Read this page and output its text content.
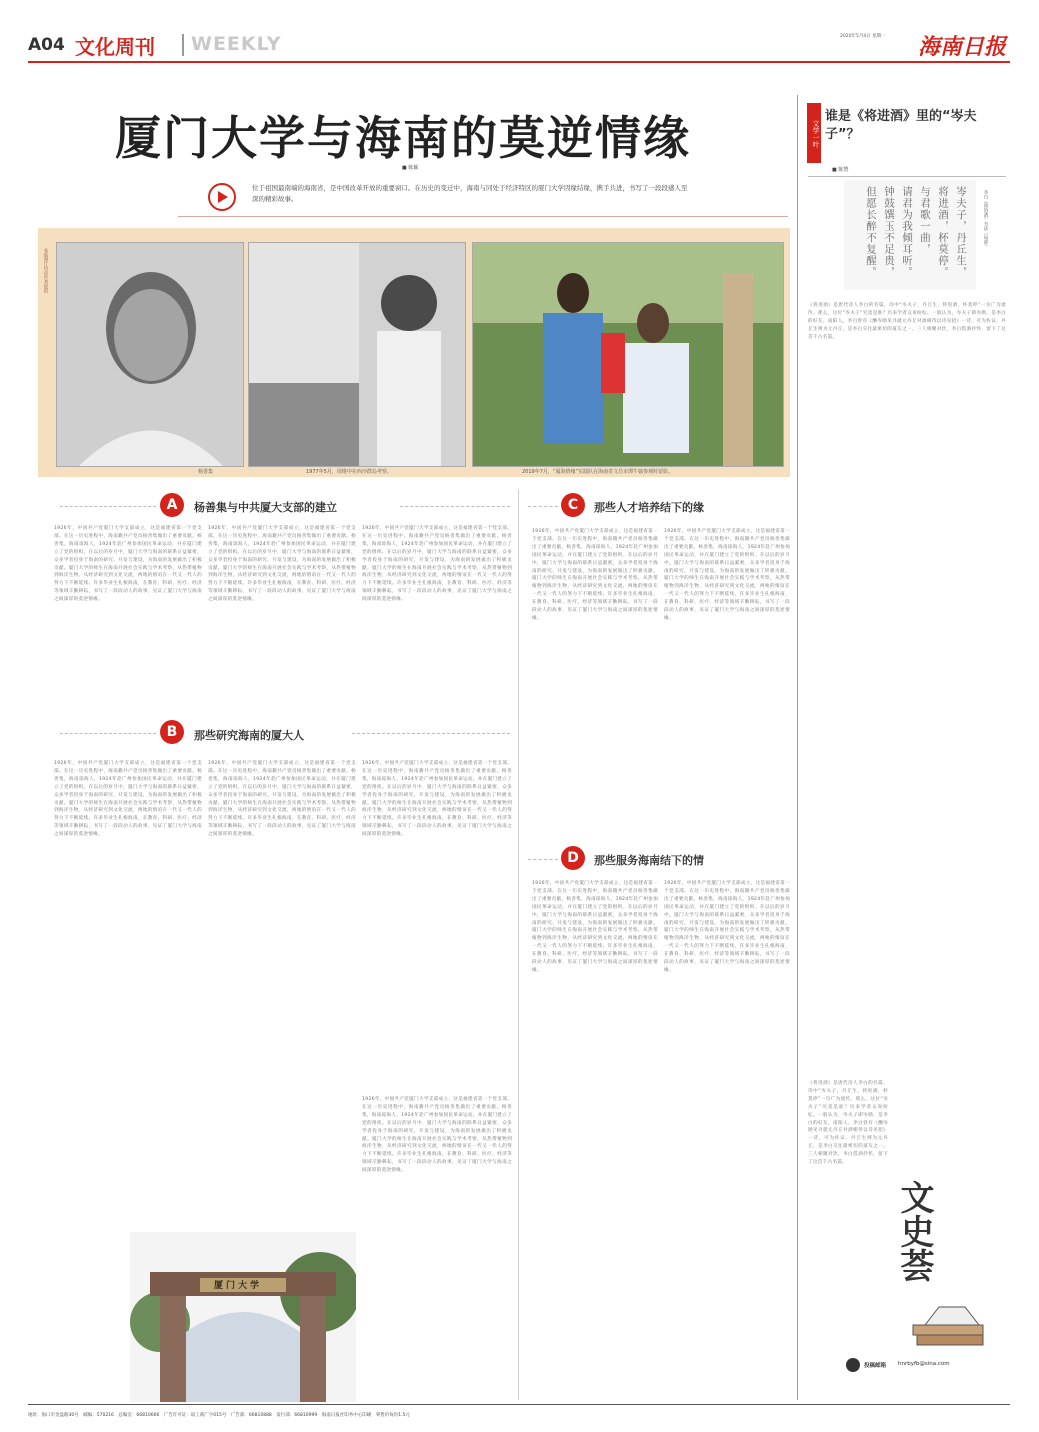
A04 文化周刊 WEEKLY	2020年5月4日 星期一 海南日报
厦门大学与海南的莫逆情缘
■ 陈颖
位于祖国最南端的海南省，是中国改革开放的重要窗口。在历史的变迁中，海南与同处于经济特区的厦门大学因缘结缘，携手共进，书写了一段段感人至深的精彩故事。
本版图片均由作者提供
杨善集	1977年5月，周维中在西沙群岛考察。	2019年7月，“厦海情缘”实践队在海南省文昌市潭牛镇参观时留影。
A	杨善集与中共厦大支部的建立
B	那些研究海南的厦大人
C	那些人才培养结下的缘
D	那些服务海南结下的情
1926年，中国共产党厦门大学支部成立，这是福建省第一个党支部。在这一历史进程中，海南籍共产党员杨善集做出了重要贡献。杨善集，海南琼海人，1924年赴广州参加国民革命运动，并在厦门建立了党的组织。在以后的岁月中，厦门大学与海南的联系日益紧密，众多学者投身于海南的研究、开发与建设，为海南的发展做出了积极贡献。厦门大学的师生在海南开展社会实践与学术考察，从热带植物到海洋生物，从经济研究到文化交流，两地的情谊在一代又一代人的努力下不断延续。许多毕业生扎根海南，在教育、科研、医疗、经济等领域辛勤耕耘，书写了一段段动人的故事，见证了厦门大学与海南之间深厚的莫逆情缘。
1926年，中国共产党厦门大学支部成立，这是福建省第一个党支部。在这一历史进程中，海南籍共产党员杨善集做出了重要贡献。杨善集，海南琼海人，1924年赴广州参加国民革命运动，并在厦门建立了党的组织。在以后的岁月中，厦门大学与海南的联系日益紧密，众多学者投身于海南的研究、开发与建设，为海南的发展做出了积极贡献。厦门大学的师生在海南开展社会实践与学术考察，从热带植物到海洋生物，从经济研究到文化交流，两地的情谊在一代又一代人的努力下不断延续。许多毕业生扎根海南，在教育、科研、医疗、经济等领域辛勤耕耘，书写了一段段动人的故事，见证了厦门大学与海南之间深厚的莫逆情缘。
1926年，中国共产党厦门大学支部成立，这是福建省第一个党支部。在这一历史进程中，海南籍共产党员杨善集做出了重要贡献。杨善集，海南琼海人，1924年赴广州参加国民革命运动，并在厦门建立了党的组织。在以后的岁月中，厦门大学与海南的联系日益紧密，众多学者投身于海南的研究、开发与建设，为海南的发展做出了积极贡献。厦门大学的师生在海南开展社会实践与学术考察，从热带植物到海洋生物，从经济研究到文化交流，两地的情谊在一代又一代人的努力下不断延续。许多毕业生扎根海南，在教育、科研、医疗、经济等领域辛勤耕耘，书写了一段段动人的故事，见证了厦门大学与海南之间深厚的莫逆情缘。
1926年，中国共产党厦门大学支部成立，这是福建省第一个党支部。在这一历史进程中，海南籍共产党员杨善集做出了重要贡献。杨善集，海南琼海人，1924年赴广州参加国民革命运动，并在厦门建立了党的组织。在以后的岁月中，厦门大学与海南的联系日益紧密，众多学者投身于海南的研究、开发与建设，为海南的发展做出了积极贡献。厦门大学的师生在海南开展社会实践与学术考察，从热带植物到海洋生物，从经济研究到文化交流，两地的情谊在一代又一代人的努力下不断延续。许多毕业生扎根海南，在教育、科研、医疗、经济等领域辛勤耕耘，书写了一段段动人的故事，见证了厦门大学与海南之间深厚的莫逆情缘。
1926年，中国共产党厦门大学支部成立，这是福建省第一个党支部。在这一历史进程中，海南籍共产党员杨善集做出了重要贡献。杨善集，海南琼海人，1924年赴广州参加国民革命运动，并在厦门建立了党的组织。在以后的岁月中，厦门大学与海南的联系日益紧密，众多学者投身于海南的研究、开发与建设，为海南的发展做出了积极贡献。厦门大学的师生在海南开展社会实践与学术考察，从热带植物到海洋生物，从经济研究到文化交流，两地的情谊在一代又一代人的努力下不断延续。许多毕业生扎根海南，在教育、科研、医疗、经济等领域辛勤耕耘，书写了一段段动人的故事，见证了厦门大学与海南之间深厚的莫逆情缘。
1926年，中国共产党厦门大学支部成立，这是福建省第一个党支部。在这一历史进程中，海南籍共产党员杨善集做出了重要贡献。杨善集，海南琼海人，1924年赴广州参加国民革命运动，并在厦门建立了党的组织。在以后的岁月中，厦门大学与海南的联系日益紧密，众多学者投身于海南的研究、开发与建设，为海南的发展做出了积极贡献。厦门大学的师生在海南开展社会实践与学术考察，从热带植物到海洋生物，从经济研究到文化交流，两地的情谊在一代又一代人的努力下不断延续。许多毕业生扎根海南，在教育、科研、医疗、经济等领域辛勤耕耘，书写了一段段动人的故事，见证了厦门大学与海南之间深厚的莫逆情缘。
1926年，中国共产党厦门大学支部成立，这是福建省第一个党支部。在这一历史进程中，海南籍共产党员杨善集做出了重要贡献。杨善集，海南琼海人，1924年赴广州参加国民革命运动，并在厦门建立了党的组织。在以后的岁月中，厦门大学与海南的联系日益紧密，众多学者投身于海南的研究、开发与建设，为海南的发展做出了积极贡献。厦门大学的师生在海南开展社会实践与学术考察，从热带植物到海洋生物，从经济研究到文化交流，两地的情谊在一代又一代人的努力下不断延续。许多毕业生扎根海南，在教育、科研、医疗、经济等领域辛勤耕耘，书写了一段段动人的故事，见证了厦门大学与海南之间深厚的莫逆情缘。
厦门大学
1926年，中国共产党厦门大学支部成立，这是福建省第一个党支部。在这一历史进程中，海南籍共产党员杨善集做出了重要贡献。杨善集，海南琼海人，1924年赴广州参加国民革命运动，并在厦门建立了党的组织。在以后的岁月中，厦门大学与海南的联系日益紧密，众多学者投身于海南的研究、开发与建设，为海南的发展做出了积极贡献。厦门大学的师生在海南开展社会实践与学术考察，从热带植物到海洋生物，从经济研究到文化交流，两地的情谊在一代又一代人的努力下不断延续。许多毕业生扎根海南，在教育、科研、医疗、经济等领域辛勤耕耘，书写了一段段动人的故事，见证了厦门大学与海南之间深厚的莫逆情缘。
1926年，中国共产党厦门大学支部成立，这是福建省第一个党支部。在这一历史进程中，海南籍共产党员杨善集做出了重要贡献。杨善集，海南琼海人，1924年赴广州参加国民革命运动，并在厦门建立了党的组织。在以后的岁月中，厦门大学与海南的联系日益紧密，众多学者投身于海南的研究、开发与建设，为海南的发展做出了积极贡献。厦门大学的师生在海南开展社会实践与学术考察，从热带植物到海洋生物，从经济研究到文化交流，两地的情谊在一代又一代人的努力下不断延续。许多毕业生扎根海南，在教育、科研、医疗、经济等领域辛勤耕耘，书写了一段段动人的故事，见证了厦门大学与海南之间深厚的莫逆情缘。
1926年，中国共产党厦门大学支部成立，这是福建省第一个党支部。在这一历史进程中，海南籍共产党员杨善集做出了重要贡献。杨善集，海南琼海人，1924年赴广州参加国民革命运动，并在厦门建立了党的组织。在以后的岁月中，厦门大学与海南的联系日益紧密，众多学者投身于海南的研究、开发与建设，为海南的发展做出了积极贡献。厦门大学的师生在海南开展社会实践与学术考察，从热带植物到海洋生物，从经济研究到文化交流，两地的情谊在一代又一代人的努力下不断延续。许多毕业生扎根海南，在教育、科研、医疗、经济等领域辛勤耕耘，书写了一段段动人的故事，见证了厦门大学与海南之间深厚的莫逆情缘。
1926年，中国共产党厦门大学支部成立，这是福建省第一个党支部。在这一历史进程中，海南籍共产党员杨善集做出了重要贡献。杨善集，海南琼海人，1924年赴广州参加国民革命运动，并在厦门建立了党的组织。在以后的岁月中，厦门大学与海南的联系日益紧密，众多学者投身于海南的研究、开发与建设，为海南的发展做出了积极贡献。厦门大学的师生在海南开展社会实践与学术考察，从热带植物到海洋生物，从经济研究到文化交流，两地的情谊在一代又一代人的努力下不断延续。许多毕业生扎根海南，在教育、科研、医疗、经济等领域辛勤耕耘，书写了一段段动人的故事，见证了厦门大学与海南之间深厚的莫逆情缘。
文学一叶
谁是《将进酒》里的“岑夫子”？
■ 陈赞
岑夫子，丹丘生，
将进酒，杯莫停。
与君歌一曲，
请君为我倾耳听。
钟鼓馔玉不足贵，
但愿长醉不复醒。	李白《将进酒》书法（局部）
《将进酒》是唐代诗人李白的名篇，诗中“岑夫子，丹丘生，将进酒，杯莫停”一句广为流传。那么，这位“岑夫子”究竟是谁？历来学者众说纷纭。一般认为，岑夫子即岑勋，是李白的好友，南阳人。李白曾有《酬岑勋见寻就元丹丘对酒相待以诗见招》一诗，可为佐证。丹丘生则为元丹丘，是李白交往最密切的道友之一。三人相聚对饮，李白借酒抒怀，留下了这首千古名篇。
《将进酒》是唐代诗人李白的名篇，诗中“岑夫子，丹丘生，将进酒，杯莫停”一句广为流传。那么，这位“岑夫子”究竟是谁？历来学者众说纷纭。一般认为，岑夫子即岑勋，是李白的好友，南阳人。李白曾有《酬岑勋见寻就元丹丘对酒相待以诗见招》一诗，可为佐证。丹丘生则为元丹丘，是李白交往最密切的道友之一。三人相聚对饮，李白借酒抒怀，留下了这首千古名篇。
文史荟
投稿邮箱 hnrbyfb@sina.com
地址：海口市金盘路30号　邮编：570216　总编室：66810666　广告许可证：琼工商广字015号　广告部：66810888　发行部：66810999　海南日报社印务中心印刷　零售价每份1.5元
